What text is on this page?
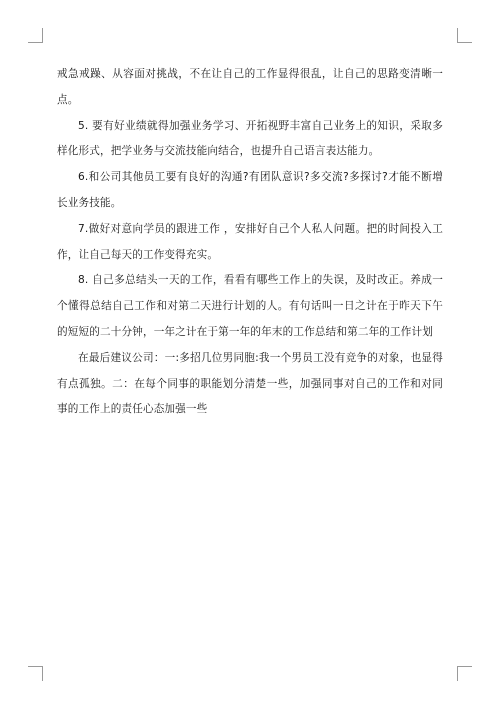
戒急戒躁、从容面对挑战，不在让自己的工作显得很乱，让自己的思路变清晰一点。

5. 要有好业绩就得加强业务学习、开拓视野丰富自己业务上的知识，采取多样化形式，把学业务与交流技能向结合，也提升自己语言表达能力。

6.和公司其他员工要有良好的沟通?有团队意识?多交流?多探讨?才能不断增长业务技能。

7.做好对意向学员的跟进工作 ，安排好自己个人私人问题。把的时间投入工作，让自己每天的工作变得充实。

8. 自己多总结头一天的工作，看看有哪些工作上的失误，及时改正。养成一个懂得总结自己工作和对第二天进行计划的人。有句话叫一日之计在于昨天下午的短短的二十分钟，一年之计在于第一年的年末的工作总结和第二年的工作计划

在最后建议公司：一:多招几位男同胞:我一个男员工没有竞争的对象，也显得有点孤独。二：在每个同事的职能划分清楚一些，加强同事对自己的工作和对同事的工作上的责任心态加强一些
